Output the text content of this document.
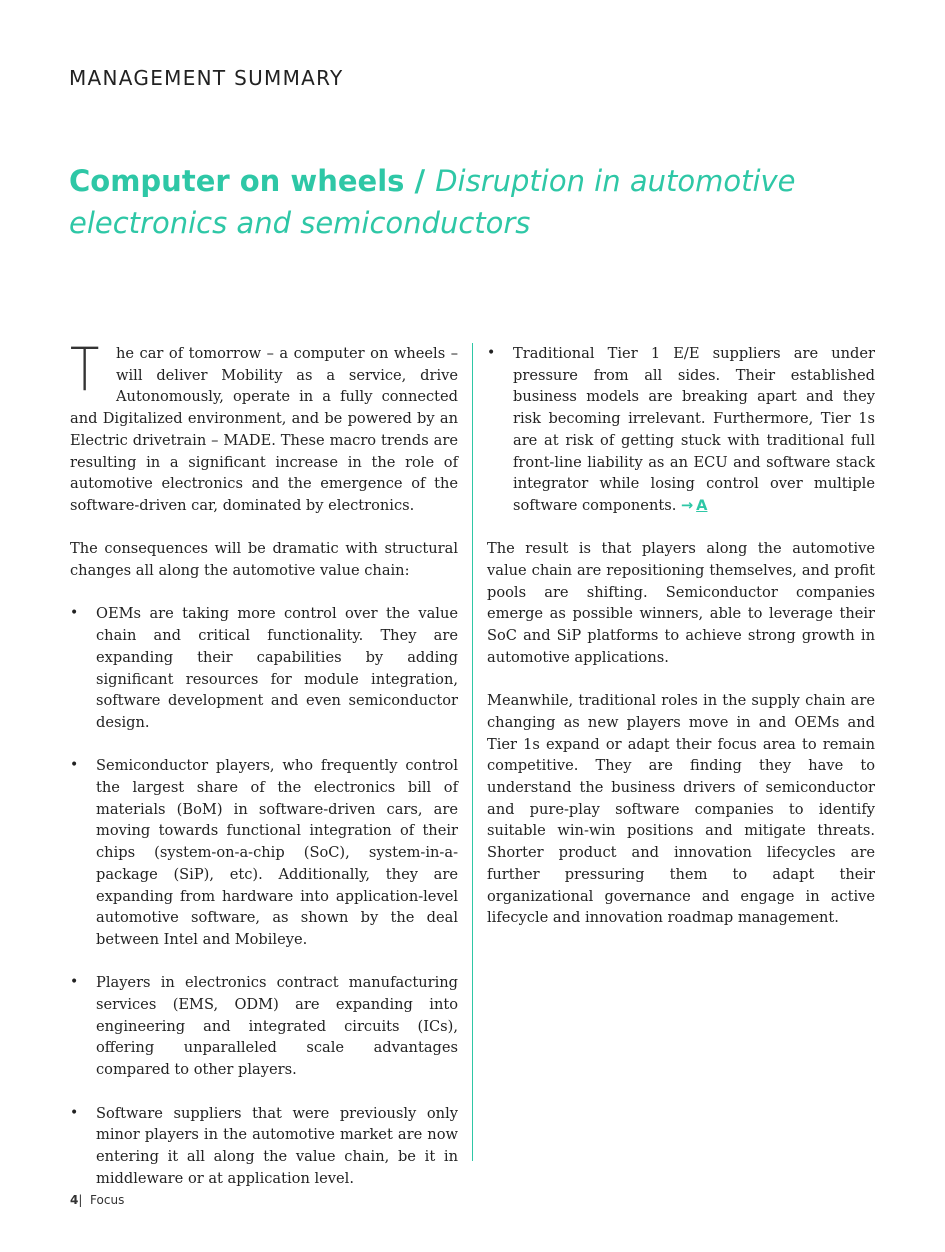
MANAGEMENT SUMMARY
Computer on wheels / Disruption in automotive electronics and semiconductors

T he car of tomorrow – a computer on wheels – will deliver Mobility as a service, drive Autonomously, operate in a fully connected and Digitalized environment, and be powered by an Electric drivetrain – MADE. These macro trends are resulting in a significant increase in the role of automotive electronics and the emergence of the software-driven car, dominated by electronics.

The consequences will be dramatic with structural changes all along the automotive value chain:

• OEMs are taking more control over the value chain and critical functionality. They are expanding their capabilities by adding significant resources for module integration, software development and even semiconductor design.
• Semiconductor players, who frequently control the largest share of the electronics bill of materials (BoM) in software-driven cars, are moving towards functional integration of their chips (system-on-a-chip (SoC), system-in-a-package (SiP), etc). Additionally, they are expanding from hardware into application-level automotive software, as shown by the deal between Intel and Mobileye.
• Players in electronics contract manufacturing services (EMS, ODM) are expanding into engineering and integrated circuits (ICs), offering unparalleled scale advantages compared to other players.
• Software suppliers that were previously only minor players in the automotive market are now entering it all along the value chain, be it in middleware or at application level.
• Traditional Tier 1 E/E suppliers are under pressure from all sides. Their established business models are breaking apart and they risk becoming irrelevant. Furthermore, Tier 1s are at risk of getting stuck with traditional full front-line liability as an ECU and software stack integrator while losing control over multiple software components. →  A

The result is that players along the automotive value chain are repositioning themselves, and profit pools are shifting. Semiconductor companies emerge as possible winners, able to leverage their SoC and SiP platforms to achieve strong growth in automotive applications.

Meanwhile, traditional roles in the supply chain are changing as new players move in and OEMs and Tier 1s expand or adapt their focus area to remain competitive. They are finding they have to understand the business drivers of semiconductor and pure-play software companies to identify suitable win-win positions and mitigate threats. Shorter product and innovation lifecycles are further pressuring them to adapt their organizational governance and engage in active lifecycle and innovation roadmap management.

4| Focus
